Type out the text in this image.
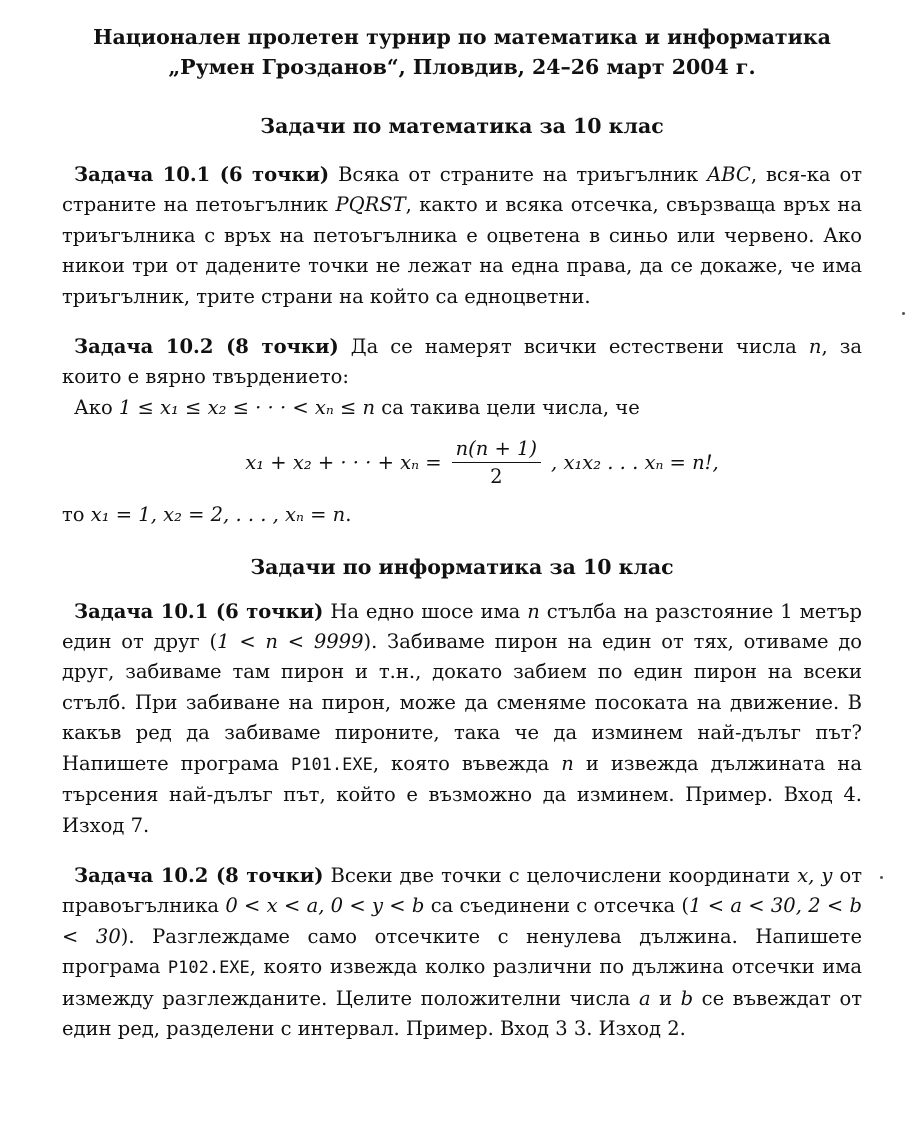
Национален пролетен турнир по математика и информатика

„Румен Грозданов“, Пловдив, 24–26 март 2004 г.

Задачи по математика за 10 клас

Задача 10.1 (6 точки) Всяка от страните на триъгълник ABC, вся-ка от страните на петоъгълник PQRST, както и всяка отсечка, свързваща връх на триъгълника с връх на петоъгълника е оцветена в синьо или червено. Ако никои три от дадените точки не лежат на една права, да се докаже, че има триъгълник, трите страни на който са едноцветни.

Задача 10.2 (8 точки) Да се намерят всички естествени числа n, за които е вярно твърдението:

Ако 1 ≤ x₁ ≤ x₂ ≤ · · · < xₙ ≤ n са такива цели числа, че

x₁ + x₂ + · · · + $x_n = \frac{n(n + 1)}{2}$ , x₁x₂ . . . xₙ = n!,

то x₁ = 1, x₂ = 2, . . . , xₙ = n.

Задачи по информатика за 10 клас

Задача 10.1 (6 точки) На едно шосе има n стълба на разстояние 1 метър един от друг (1 < n < 9999). Забиваме пирон на един от тях, отиваме до друг, забиваме там пирон и т.н., докато забием по един пирон на всеки стълб. При забиване на пирон, може да сменяме посоката на движение. В какъв ред да забиваме пироните, така че да изминем най-дълъг път? Напишете програма P101.EXE, която въвежда n и извежда дължината на търсения най-дълъг път, който е възможно да изминем. Пример. Вход 4. Изход 7.

Задача 10.2 (8 точки) Всеки две точки с целочислени координати x, y от правоъгълника 0 < x < a, 0 < y < b са съединени с отсечка (1 < a < 30, 2 < b < 30). Разглеждаме само отсечките с ненулева дължина. Напишете програма P102.EXE, която извежда колко различни по дължина отсечки има измежду разглежданите. Целите положителни числа a и b се въвеждат от един ред, разделени с интервал. Пример. Вход 3 3. Изход 2.
